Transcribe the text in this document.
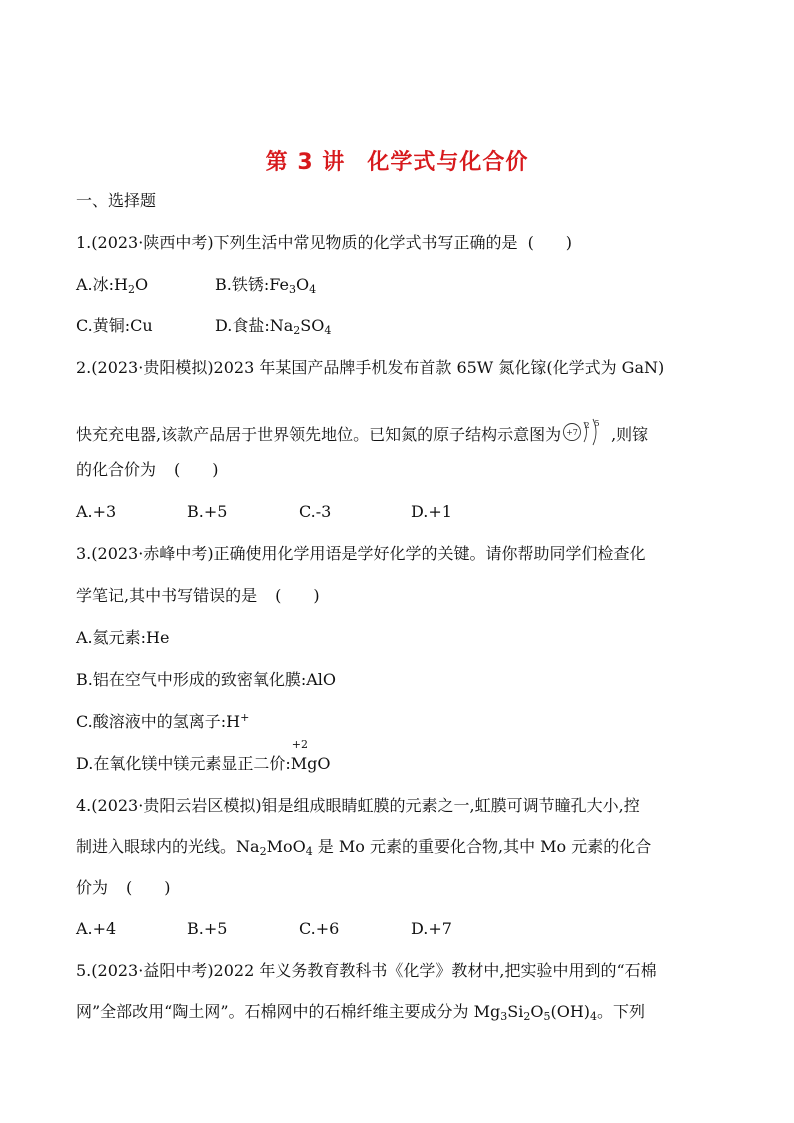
第 3 讲 化学式与化合价
一、选择题
1.(2023·陕西中考)下列生活中常见物质的化学式书写正确的是 (　　)
A.冰$:H_2O$	B.铁锈$:Fe_3O_4$
C.黄铜:Cu	D.食盐$:Na_2SO_4$
2.(2023·贵阳模拟)2023 年某国产品牌手机发布首款 65W 氮化镓(化学式为 GaN)
快充充电器,该款产品居于世界领先地位。已知氮的原子结构示意图为 +7
2 5
,则镓
的化合价为 (　　)
A.+3	B.+5	C.-3	D.+1
3.(2023·赤峰中考)正确使用化学用语是学好化学的关键。请你帮助同学们检查化
学笔记,其中书写错误的是 (　　)
A.氦元素:He
B.铝在空气中形成的致密氧化膜:AlO
C.酸溶液中的氢离子:H+
D.在氧化镁中镁元素显正二价:
+2
MgO
4.(2023·贵阳云岩区模拟)钼是组成眼睛虹膜的元素之一,虹膜可调节瞳孔大小,控
制进入眼球内的光线。$Na_2MoO_4$ 是 Mo 元素的重要化合物,其中 Mo 元素的化合
价为 (　　)
A.+4	B.+5	C.+6	D.+7
5.(2023·益阳中考)2022 年义务教育教科书《化学》教材中,把实验中用到的“石棉
网”全部改用“陶土网”。石棉网中的石棉纤维主要成分为 $Mg_3Si_2O_5(OH)_4$。下列
